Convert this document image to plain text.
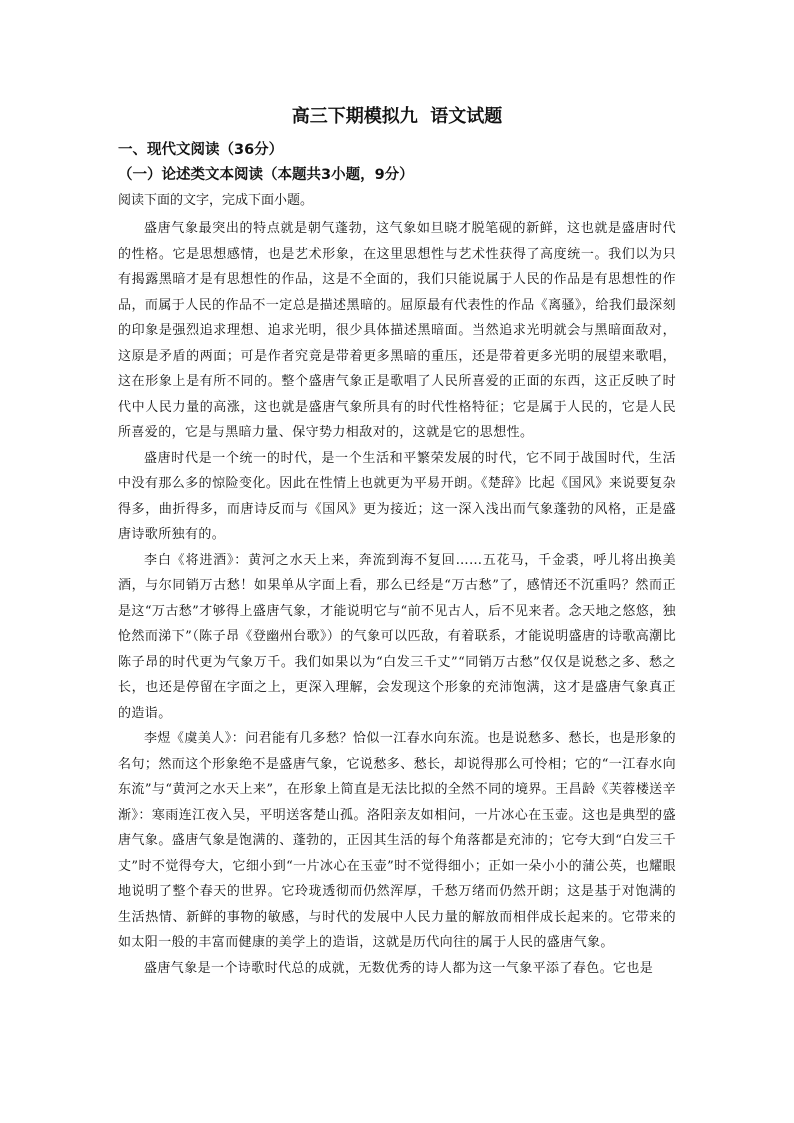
高三下期模拟九  语文试题
一、现代文阅读（36分）
（一）论述类文本阅读（本题共3小题，9分）
阅读下面的文字，完成下面小题。

盛唐气象最突出的特点就是朝气蓬勃，这气象如旦晓才脱笔砚的新鲜，这也就是盛唐时代的性格。它是思想感情，也是艺术形象，在这里思想性与艺术性获得了高度统一。我们以为只有揭露黑暗才是有思想性的作品，这是不全面的，我们只能说属于人民的作品是有思想性的作品，而属于人民的作品不一定总是描述黑暗的。屈原最有代表性的作品《离骚》，给我们最深刻的印象是强烈追求理想、追求光明，很少具体描述黑暗面。当然追求光明就会与黑暗面敌对，这原是矛盾的两面；可是作者究竟是带着更多黑暗的重压，还是带着更多光明的展望来歌唱，这在形象上是有所不同的。整个盛唐气象正是歌唱了人民所喜爱的正面的东西，这正反映了时代中人民力量的高涨，这也就是盛唐气象所具有的时代性格特征；它是属于人民的，它是人民所喜爱的，它是与黑暗力量、保守势力相敌对的，这就是它的思想性。

盛唐时代是一个统一的时代，是一个生活和平繁荣发展的时代，它不同于战国时代，生活中没有那么多的惊险变化。因此在性情上也就更为平易开朗。《楚辞》比起《国风》来说要复杂得多，曲折得多，而唐诗反而与《国风》更为接近；这一深入浅出而气象蓬勃的风格，正是盛唐诗歌所独有的。

李白《将进酒》：黄河之水天上来，奔流到海不复回……五花马，千金裘，呼儿将出换美酒，与尔同销万古愁！如果单从字面上看，那么已经是“万古愁”了，感情还不沉重吗？然而正是这“万古愁”才够得上盛唐气象，才能说明它与“前不见古人，后不见来者。念天地之悠悠，独怆然而涕下”（陈子昂《登幽州台歌》）的气象可以匹敌，有着联系，才能说明盛唐的诗歌高潮比陈子昂的时代更为气象万千。我们如果以为“白发三千丈”“同销万古愁”仅仅是说愁之多、愁之长，也还是停留在字面之上，更深入理解，会发现这个形象的充沛饱满，这才是盛唐气象真正的造诣。

李煜《虞美人》：问君能有几多愁？恰似一江春水向东流。也是说愁多、愁长，也是形象的名句；然而这个形象绝不是盛唐气象，它说愁多、愁长，却说得那么可怜相；它的“一江春水向东流”与“黄河之水天上来”，在形象上简直是无法比拟的全然不同的境界。王昌龄《芙蓉楼送辛渐》：寒雨连江夜入吴，平明送客楚山孤。洛阳亲友如相问，一片冰心在玉壶。这也是典型的盛唐气象。盛唐气象是饱满的、蓬勃的，正因其生活的每个角落都是充沛的；它夸大到“白发三千丈”时不觉得夸大，它细小到“一片冰心在玉壶”时不觉得细小；正如一朵小小的蒲公英，也耀眼地说明了整个春天的世界。它玲珑透彻而仍然浑厚，千愁万绪而仍然开朗；这是基于对饱满的生活热情、新鲜的事物的敏感，与时代的发展中人民力量的解放而相伴成长起来的。它带来的如太阳一般的丰富而健康的美学上的造诣，这就是历代向往的属于人民的盛唐气象。

盛唐气象是一个诗歌时代总的成就，无数优秀的诗人都为这一气象平添了春色。它也是
